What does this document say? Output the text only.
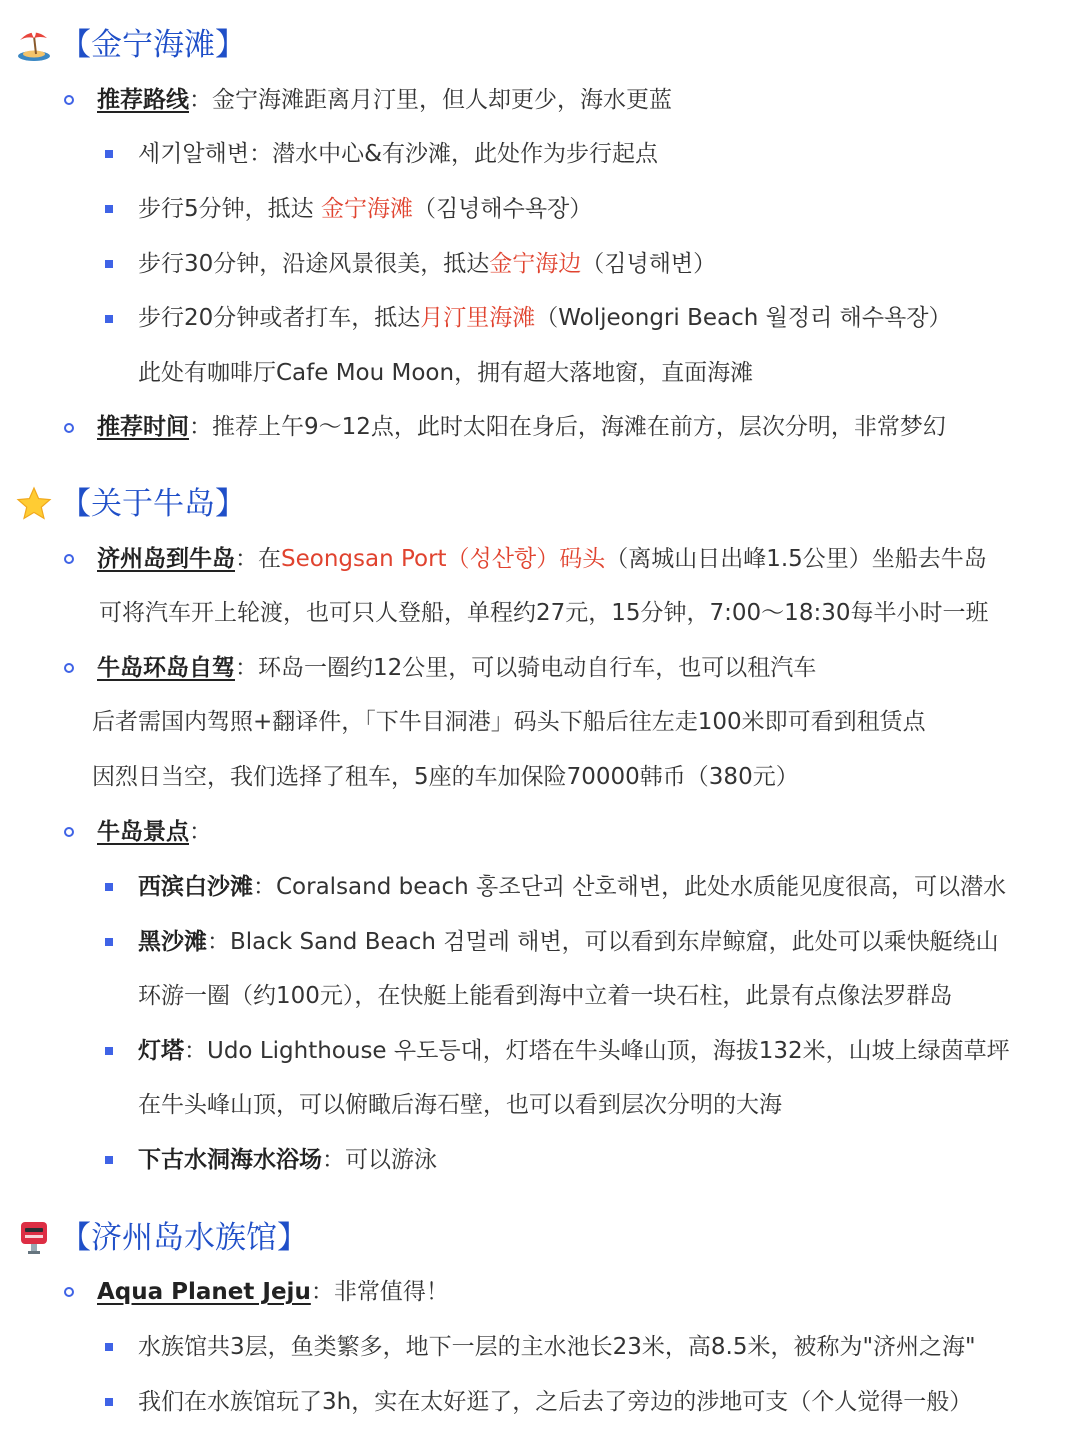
【金宁海滩】
推荐路线：金宁海滩距离月汀里，但人却更少，海水更蓝
세기알해변：潜水中心&有沙滩，此处作为步行起点
步行5分钟，抵达 金宁海滩（김녕해수욕장）
步行30分钟，沿途风景很美，抵达金宁海边（김녕해변）
步行20分钟或者打车，抵达月汀里海滩（Woljeongri Beach 월정리 해수욕장）
此处有咖啡厅Cafe Mou Moon，拥有超大落地窗，直面海滩
推荐时间：推荐上午9～12点，此时太阳在身后，海滩在前方，层次分明，非常梦幻
【关于牛岛】
济州岛到牛岛：在Seongsan Port（성산항）码头（离城山日出峰1.5公里）坐船去牛岛
可将汽车开上轮渡，也可只人登船，单程约27元，15分钟，7:00～18:30每半小时一班
牛岛环岛自驾：环岛一圈约12公里，可以骑电动自行车，也可以租汽车
后者需国内驾照+翻译件，「下牛目洞港」码头下船后往左走100米即可看到租赁点
因烈日当空，我们选择了租车，5座的车加保险70000韩币（380元）
牛岛景点：
西滨白沙滩：Coralsand beach 홍조단괴 산호해변，此处水质能见度很高，可以潜水
黑沙滩：Black Sand Beach 검멀레 해변，可以看到东岸鲸窟，此处可以乘快艇绕山
环游一圈（约100元），在快艇上能看到海中立着一块石柱，此景有点像法罗群岛
灯塔：Udo Lighthouse 우도등대，灯塔在牛头峰山顶，海拔132米，山坡上绿茵草坪
在牛头峰山顶，可以俯瞰后海石壁，也可以看到层次分明的大海
下古水洞海水浴场：可以游泳
【济州岛水族馆】
Aqua Planet Jeju：非常值得！
水族馆共3层，鱼类繁多，地下一层的主水池长23米，高8.5米，被称为"济州之海"
我们在水族馆玩了3h，实在太好逛了，之后去了旁边的涉地可支（个人觉得一般）
